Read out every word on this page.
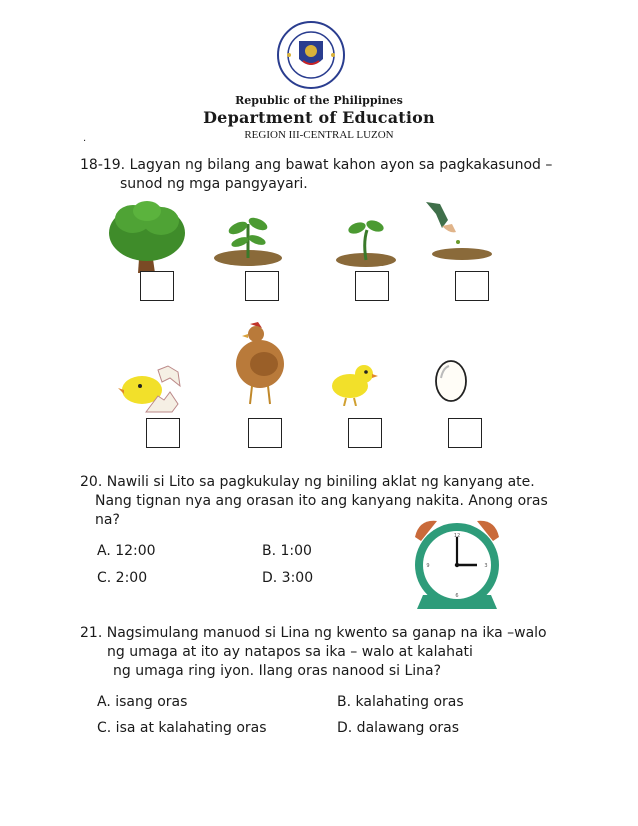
Republic of the Philippines
Department of Education
REGION III-CENTRAL LUZON
.
18-19. Lagyan ng bilang ang bawat kahon ayon sa pagkakasunod –
sunod ng mga pangyayari.
20. Nawili si Lito sa pagkukulay ng biniling aklat ng kanyang ate.
Nang tignan nya ang orasan ito ang kanyang nakita. Anong oras
na?
A. 12:00	B. 1:00
C. 2:00	D. 3:00
12
3
6
9
21. Nagsimulang manuod si Lina ng kwento sa ganap na ika –walo
ng umaga at ito ay natapos sa ika – walo at kalahati
ng umaga ring iyon. Ilang oras nanood si Lina?
A. isang oras	B. kalahating oras
C. isa at kalahating oras	D. dalawang oras
